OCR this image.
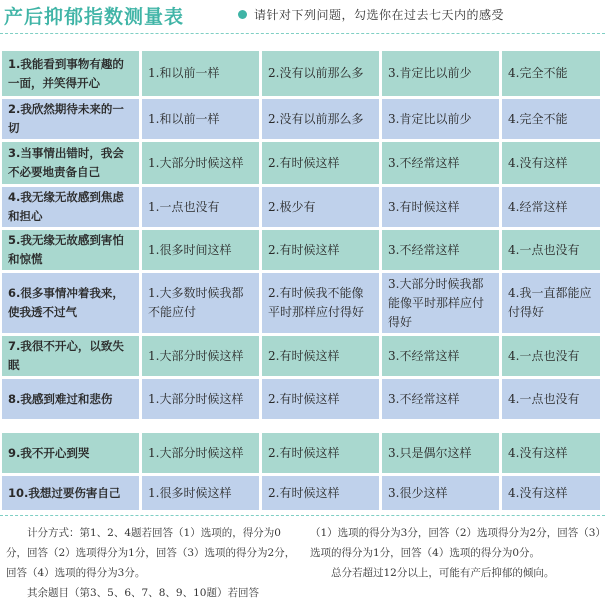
产后抑郁指数测量表	请针对下列问题，勾选你在过去七天内的感受
1.我能看到事物有趣的一面，并笑得开心
1.和以前一样	2.没有以前那么多	3.肯定比以前少	4.完全不能
2.我欣然期待未来的一切
1.和以前一样	2.没有以前那么多	3.肯定比以前少	4.完全不能
3.当事情出错时，我会不必要地责备自己
1.大部分时候这样	2.有时候这样	3.不经常这样	4.没有这样
4.我无缘无故感到焦虑和担心
1.一点也没有	2.极少有	3.有时候这样	4.经常这样
5.我无缘无故感到害怕和惊慌
1.很多时间这样	2.有时候这样	3.不经常这样	4.一点也没有
6.很多事情冲着我来，使我透不过气
1.大多数时候我都不能应付
2.有时候我不能像平时那样应付得好
3.大部分时候我都能像平时那样应付得好
4.我一直都能应付得好
7.我很不开心，以致失眠
1.大部分时候这样	2.有时候这样	3.不经常这样	4.一点也没有
8.我感到难过和悲伤	1.大部分时候这样	2.有时候这样	3.不经常这样	4.一点也没有
9.我不开心到哭	1.大部分时候这样	2.有时候这样	3.只是偶尔这样	4.没有这样
10.我想过要伤害自己	1.很多时候这样	2.有时候这样	3.很少这样	4.没有这样

计分方式：第1、2、4题若回答（1）选项的，得分为0分，回答（2）选项得分为1分，回答（3）选项的得分为2分，回答（4）选项的得分为3分。

其余题目（第3、5、6、7、8、9、10题）若回答

（1）选项的得分为3分，回答（2）选项得分为2分，回答（3）选项的得分为1分，回答（4）选项的得分为0分。

总分若超过12分以上，可能有产后抑郁的倾向。
